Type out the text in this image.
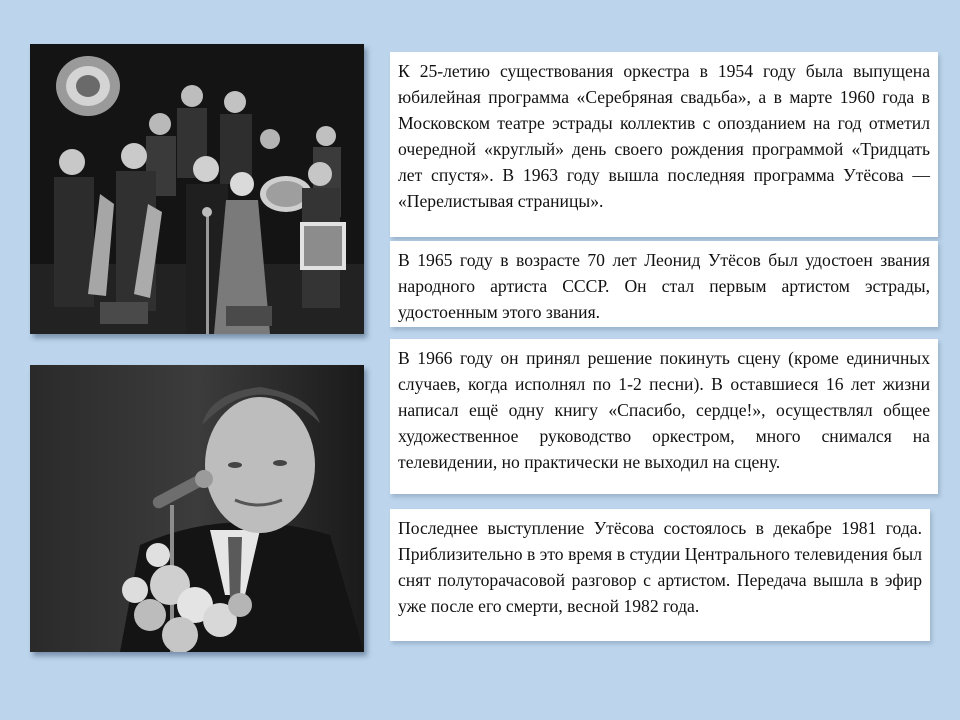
К 25-летию существования оркестра в 1954 году была выпущена юбилейная программа «Серебряная свадьба», а в марте 1960 года в Московском театре эстрады коллектив с опозданием на год отметил очередной «круглый» день своего рождения программой «Тридцать лет спустя». В 1963 году вышла последняя программа Утёсова — «Перелистывая страницы».
В 1965 году в возрасте 70 лет Леонид Утёсов был удостоен звания народного артиста СССР. Он стал первым артистом эстрады, удостоенным этого звания.
В 1966 году он принял решение покинуть сцену (кроме единичных случаев, когда исполнял по 1-2 песни). В оставшиеся 16 лет жизни написал ещё одну книгу «Спасибо, сердце!», осуществлял общее художественное руководство оркестром, много снимался на телевидении, но практически не выходил на сцену.
Последнее выступление Утёсова состоялось в декабре 1981 года. Приблизительно в это время в студии Центрального телевидения был снят полуторачасовой разговор с артистом. Передача вышла в эфир уже после его смерти, весной 1982 года.
